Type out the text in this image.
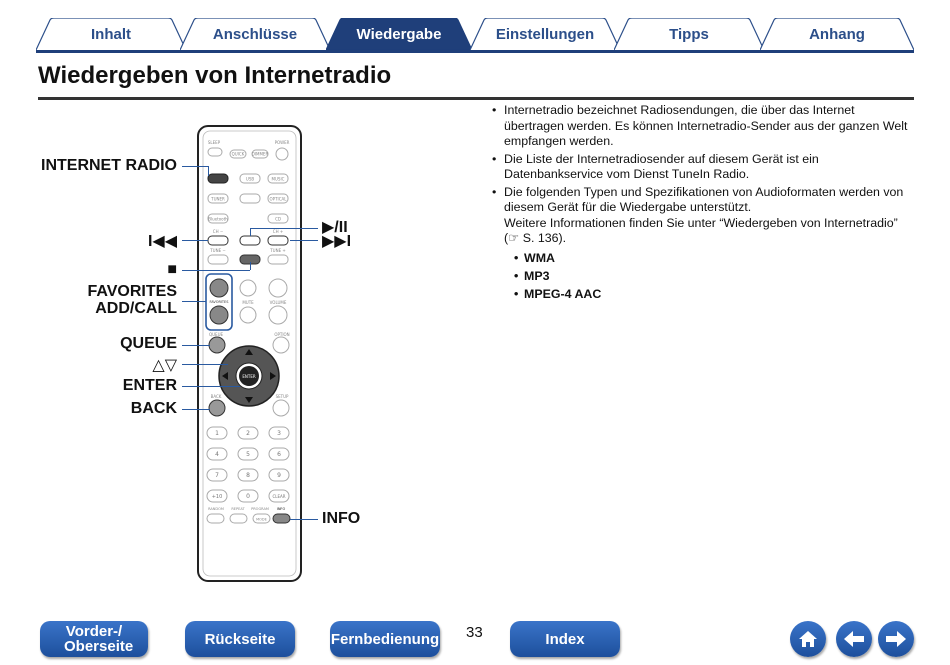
Inhalt	Anschlüsse	Wiedergabe	Einstellungen	Tipps	Anhang
Wiedergeben von Internetradio
• Internetradio bezeichnet Radiosendungen, die über das Internet übertragen werden. Es können Internetradio-Sender aus der ganzen Welt empfangen werden.
• Die Liste der Internetradiosender auf diesem Gerät ist ein Datenbankservice vom Dienst TuneIn Radio.
• Die folgenden Typen und Spezifikationen von Audioformaten werden von diesem Gerät für die Wiedergabe unterstützt.
Weitere Informationen finden Sie unter “Wiedergeben von Internetradio” (☞ S. 136).
• WMA
• MP3
• MPEG-4 AAC
SLEEP	POWER
QUICK DIMMER
USB	MUSIC
TUNER	OPTICAL
Bluetooth	CD
CH −	CH +
TUNE −	TUNE +
FAVORITES	MUTE	VOLUME
QUEUE	OPTION
ENTER
BACK	SETUP
1	2	3
4	5	6
7	8	9
+10	0	CLEAR
RANDOM REPEAT PROGRAM INFO
MODE
INTERNET RADIO
I◀◀
▶/II
▶▶I
■
FAVORITES
ADD/CALL
QUEUE
△▽
ENTER
BACK
INFO
Vorder-/ Oberseite	Rückseite	Fernbedienung 33	Index
